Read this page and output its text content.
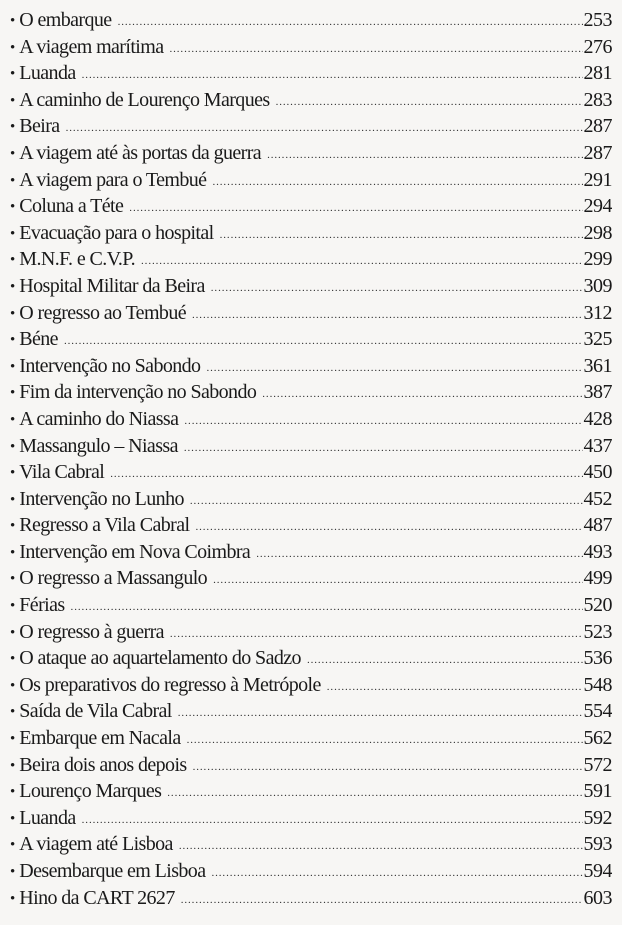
• O embarque .....	253
• A viagem marítima .....	276
• Luanda .....	281
• A caminho de Lourenço Marques .....	283
• Beira .....	287
• A viagem até às portas da guerra .....	287
• A viagem para o Tembué .....	291
• Coluna a Téte .....	294
• Evacuação para o hospital .....	298
• M.N.F. e C.V.P. .....	299
• Hospital Militar da Beira .....	309
• O regresso ao Tembué .....	312
• Béne .....	325
• Intervenção no Sabondo .....	361
• Fim da intervenção no Sabondo .....	387
• A caminho do Niassa .....	428
• Massangulo – Niassa .....	437
• Vila Cabral .....	450
• Intervenção no Lunho .....	452
• Regresso a Vila Cabral .....	487
• Intervenção em Nova Coimbra .....	493
• O regresso a Massangulo .....	499
• Férias .....	520
• O regresso à guerra .....	523
• O ataque ao aquartelamento do Sadzo .....	536
• Os preparativos do regresso à Metrópole .....	548
• Saída de Vila Cabral .....	554
• Embarque em Nacala .....	562
• Beira dois anos depois .....	572
• Lourenço Marques .....	591
• Luanda .....	592
• A viagem até Lisboa .....	593
• Desembarque em Lisboa .....	594
• Hino da CART 2627 .....	603
